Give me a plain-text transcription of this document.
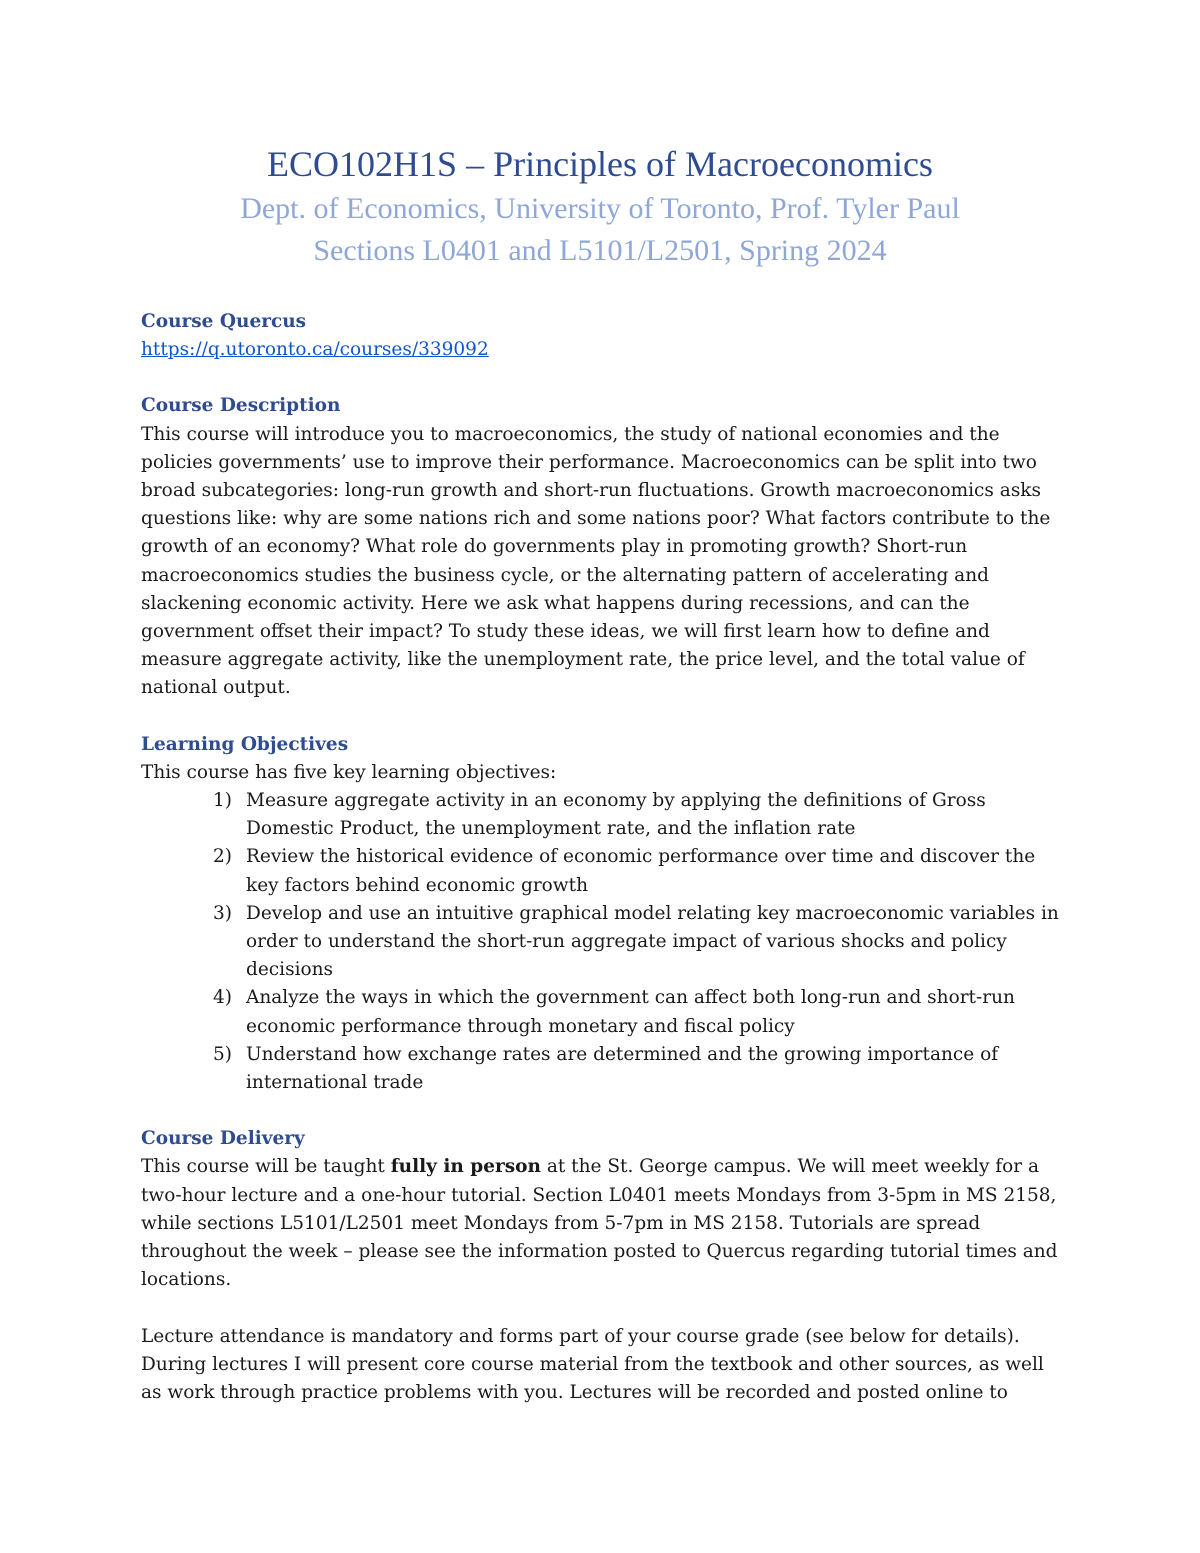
ECO102H1S – Principles of Macroeconomics
Dept. of Economics, University of Toronto, Prof. Tyler Paul
Sections L0401 and L5101/L2501, Spring 2024
Course Quercus
https://q.utoronto.ca/courses/339092
Course Description

This course will introduce you to macroeconomics, the study of national economies and the policies governments’ use to improve their performance. Macroeconomics can be split into two broad subcategories: long-run growth and short-run fluctuations. Growth macroeconomics asks questions like: why are some nations rich and some nations poor? What factors contribute to the growth of an economy? What role do governments play in promoting growth? Short-run macroeconomics studies the business cycle, or the alternating pattern of accelerating and slackening economic activity. Here we ask what happens during recessions, and can the government offset their impact? To study these ideas, we will first learn how to define and measure aggregate activity, like the unemployment rate, the price level, and the total value of national output.

Learning Objectives

This course has five key learning objectives:

1) Measure aggregate activity in an economy by applying the definitions of Gross Domestic Product, the unemployment rate, and the inflation rate
2) Review the historical evidence of economic performance over time and discover the key factors behind economic growth
3) Develop and use an intuitive graphical model relating key macroeconomic variables in order to understand the short-run aggregate impact of various shocks and policy decisions
4) Analyze the ways in which the government can affect both long-run and short-run economic performance through monetary and fiscal policy
5) Understand how exchange rates are determined and the growing importance of international trade
Course Delivery

This course will be taught fully in person at the St. George campus. We will meet weekly for a two-hour lecture and a one-hour tutorial. Section L0401 meets Mondays from 3-5pm in MS 2158, while sections L5101/L2501 meet Mondays from 5-7pm in MS 2158. Tutorials are spread throughout the week – please see the information posted to Quercus regarding tutorial times and locations.

Lecture attendance is mandatory and forms part of your course grade (see below for details). During lectures I will present core course material from the textbook and other sources, as well as work through practice problems with you. Lectures will be recorded and posted online to
